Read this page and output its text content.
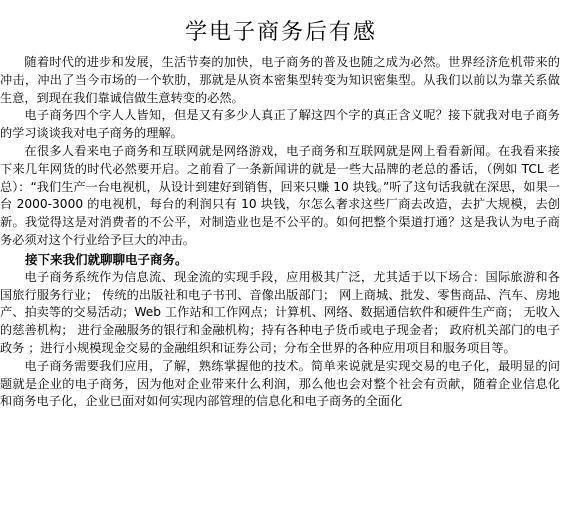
学电子商务后有感

随着时代的进步和发展，生活节奏的加快，电子商务的普及也随之成为必然。世界经济危机带来的冲击，冲出了当今市场的一个软肋，那就是从资本密集型转变为知识密集型。从我们以前以为靠关系做生意，到现在我们靠诚信做生意转变的必然。

电子商务四个字人人皆知，但是又有多少人真正了解这四个字的真正含义呢？接下就我对电子商务的学习谈谈我对电子商务的理解。

在很多人看来电子商务和互联网就是网络游戏，电子商务和互联网就是网上看看新闻。在我看来接下来几年网货的时代必然要开启。之前看了一条新闻讲的就是一些大品牌的老总的番话，（例如 TCL 老总）：“我们生产一台电视机，从设计到建好到销售，回来只赚 10 块钱。”听了这句话我就在深思，如果一台 2000-3000 的电视机，每台的利润只有 10 块钱，尔怎么奢求这些厂商去改造，去扩大规模，去创新。我觉得这是对消费者的不公平，对制造业也是不公平的。如何把整个渠道打通？这是我认为电子商务必须对这个行业给予巨大的冲击。

接下来我们就聊聊电子商务。

电子商务系统作为信息流、现金流的实现手段，应用极其广泛，尤其适于以下场合：国际旅游和各国旅行服务行业； 传统的出版社和电子书刊、音像出版部门； 网上商城、批发、零售商品、汽车、房地产、拍卖等的交易活动；Web 工作站和工作网点；计算机、网络、数据通信软件和硬件生产商； 无收入的慈善机构； 进行金融服务的银行和金融机构；持有各种电子货币或电子现金者； 政府机关部门的电子政务 ；进行小规模现金交易的金融组织和证券公司；分布全世界的各种应用项目和服务项目等。

电子商务需要我们应用，了解，熟练掌握他的技术。简单来说就是实现交易的电子化，最明显的问题就是企业的电子商务，因为他对企业带来什么利润，那么他也会对整个社会有贡献，随着企业信息化和商务电子化，企业已面对如何实现内部管理的信息化和电子商务的全面化
